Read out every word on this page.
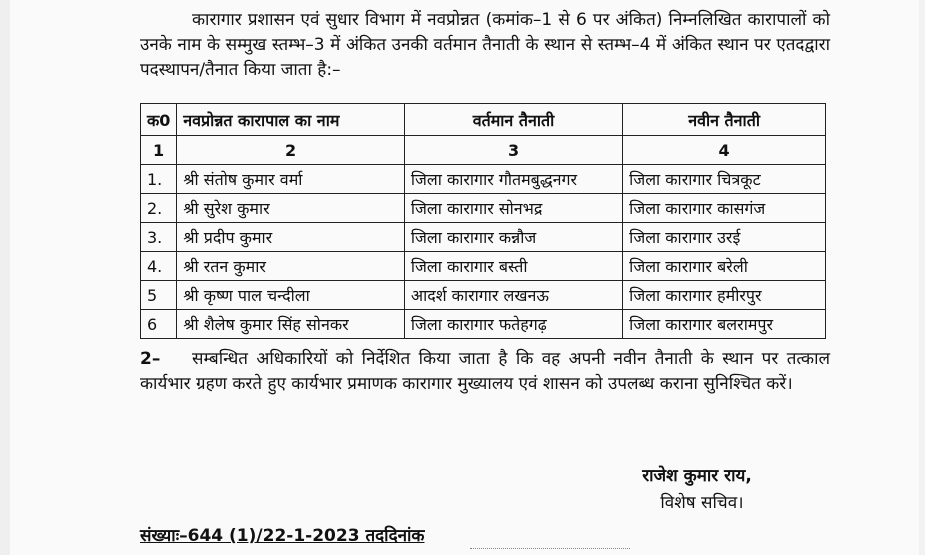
कारागार प्रशासन एवं सुधार विभाग में नवप्रोन्नत (कमांक–1 से 6 पर अंकित) निम्नलिखित कारापालों को उनके नाम के सम्मुख स्तम्भ–3 में अंकित उनकी वर्तमान तैनाती के स्थान से स्तम्भ–4 में अंकित स्थान पर एतदद्वारा पदस्थापन/तैनात किया जाता है:–
क0	नवप्रोन्नत कारापाल का नाम	वर्तमान तैनाती	नवीन तैनाती
1	2	3	4
1.	श्री संतोष कुमार वर्मा	जिला कारागार गौतमबुद्धनगर	जिला कारागार चित्रकूट
2.	श्री सुरेश कुमार	जिला कारागार सोनभद्र	जिला कारागार कासगंज
3.	श्री प्रदीप कुमार	जिला कारागार कन्नौज	जिला कारागार उरई
4.	श्री रतन कुमार	जिला कारागार बस्ती	जिला कारागार बरेली
5	श्री कृष्ण पाल चन्दीला	आदर्श कारागार लखनऊ	जिला कारागार हमीरपुर
6	श्री शैलेष कुमार सिंह सोनकर	जिला कारागार फतेहगढ़	जिला कारागार बलरामपुर
2– सम्बन्धित अधिकारियों को निर्देशित किया जाता है कि वह अपनी नवीन तैनाती के स्थान पर तत्काल कार्यभार ग्रहण करते हुए कार्यभार प्रमाणक कारागार मुख्यालय एवं शासन को उपलब्ध कराना सुनिश्चित करें।
राजेश कुमार राय,
विशेष सचिव।
संख्याः–644 (1)/22-1-2023 तददिनांक
